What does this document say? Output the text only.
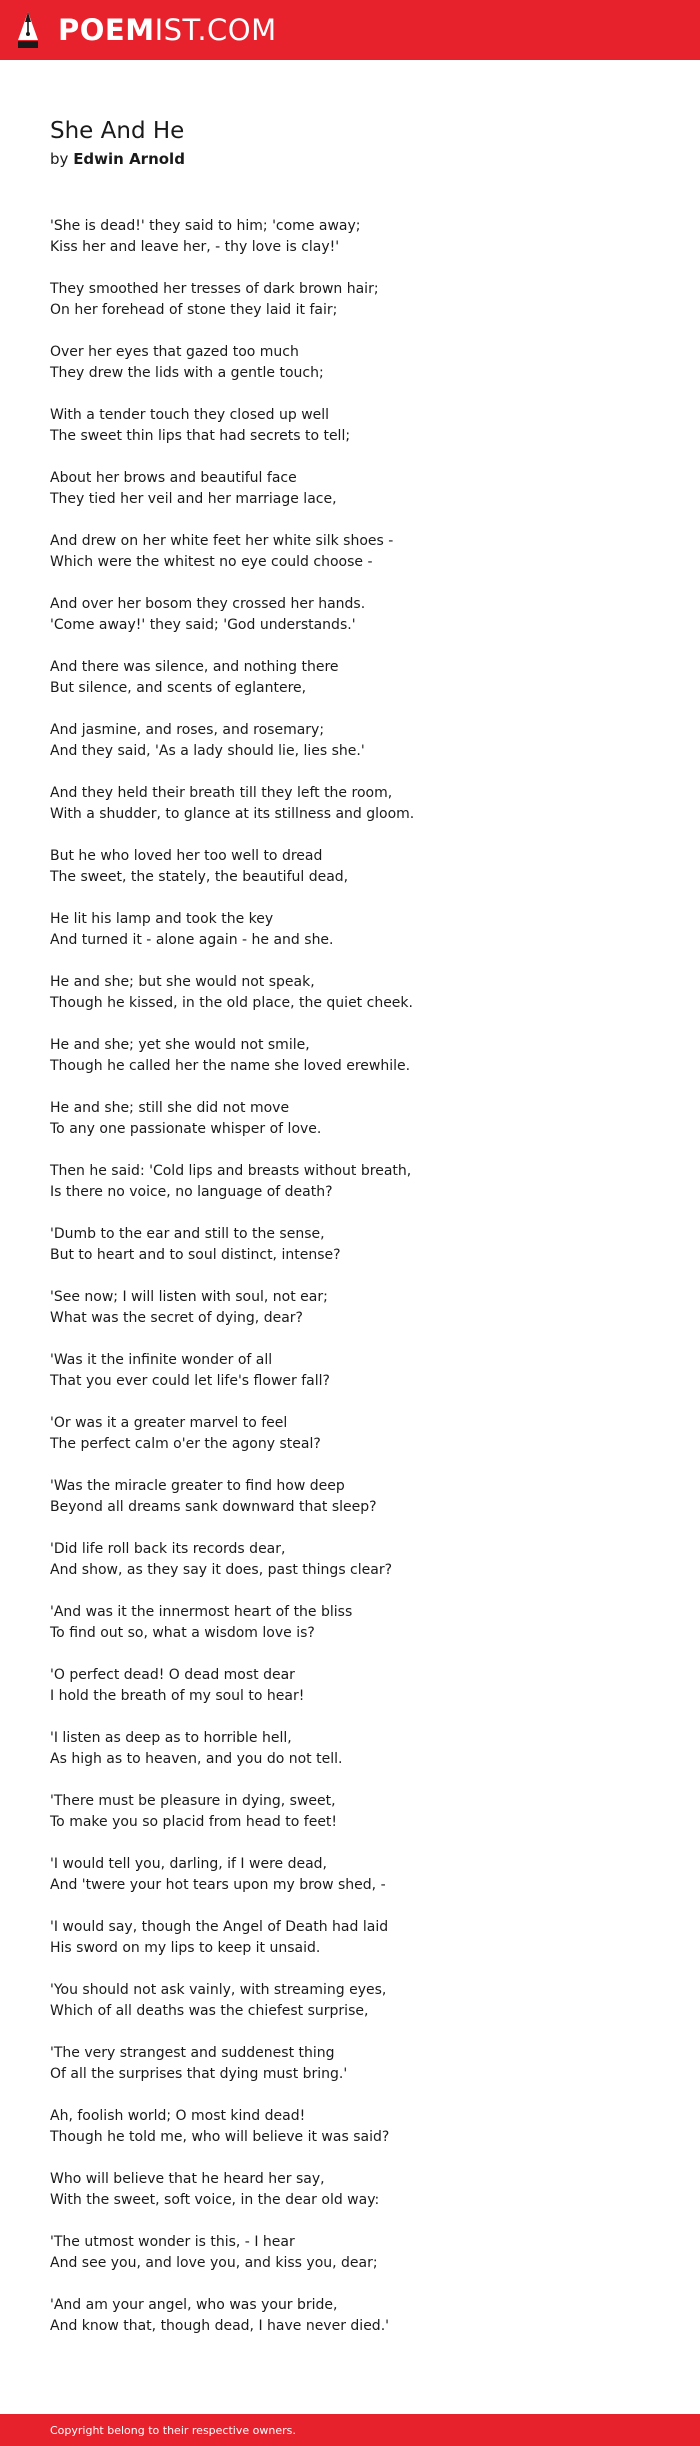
POEMIST.COM
She And He
by Edwin Arnold

'She is dead!' they said to him; 'come away;
Kiss her and leave her, - thy love is clay!'

They smoothed her tresses of dark brown hair;
On her forehead of stone they laid it fair;

Over her eyes that gazed too much
They drew the lids with a gentle touch;

With a tender touch they closed up well
The sweet thin lips that had secrets to tell;

About her brows and beautiful face
They tied her veil and her marriage lace,

And drew on her white feet her white silk shoes -
Which were the whitest no eye could choose -

And over her bosom they crossed her hands.
'Come away!' they said; 'God understands.'

And there was silence, and nothing there
But silence, and scents of eglantere,

And jasmine, and roses, and rosemary;
And they said, 'As a lady should lie, lies she.'

And they held their breath till they left the room,
With a shudder, to glance at its stillness and gloom.

But he who loved her too well to dread
The sweet, the stately, the beautiful dead,

He lit his lamp and took the key
And turned it - alone again - he and she.

He and she; but she would not speak,
Though he kissed, in the old place, the quiet cheek.

He and she; yet she would not smile,
Though he called her the name she loved erewhile.

He and she; still she did not move
To any one passionate whisper of love.

Then he said: 'Cold lips and breasts without breath,
Is there no voice, no language of death?

'Dumb to the ear and still to the sense,
But to heart and to soul distinct, intense?

'See now; I will listen with soul, not ear;
What was the secret of dying, dear?

'Was it the infinite wonder of all
That you ever could let life's flower fall?

'Or was it a greater marvel to feel
The perfect calm o'er the agony steal?

'Was the miracle greater to find how deep
Beyond all dreams sank downward that sleep?

'Did life roll back its records dear,
And show, as they say it does, past things clear?

'And was it the innermost heart of the bliss
To find out so, what a wisdom love is?

'O perfect dead! O dead most dear
I hold the breath of my soul to hear!

'I listen as deep as to horrible hell,
As high as to heaven, and you do not tell.

'There must be pleasure in dying, sweet,
To make you so placid from head to feet!

'I would tell you, darling, if I were dead,
And 'twere your hot tears upon my brow shed, -

'I would say, though the Angel of Death had laid
His sword on my lips to keep it unsaid.

'You should not ask vainly, with streaming eyes,
Which of all deaths was the chiefest surprise,

'The very strangest and suddenest thing
Of all the surprises that dying must bring.'

Ah, foolish world; O most kind dead!
Though he told me, who will believe it was said?

Who will believe that he heard her say,
With the sweet, soft voice, in the dear old way:

'The utmost wonder is this, - I hear
And see you, and love you, and kiss you, dear;

'And am your angel, who was your bride,
And know that, though dead, I have never died.'

Copyright belong to their respective owners.
